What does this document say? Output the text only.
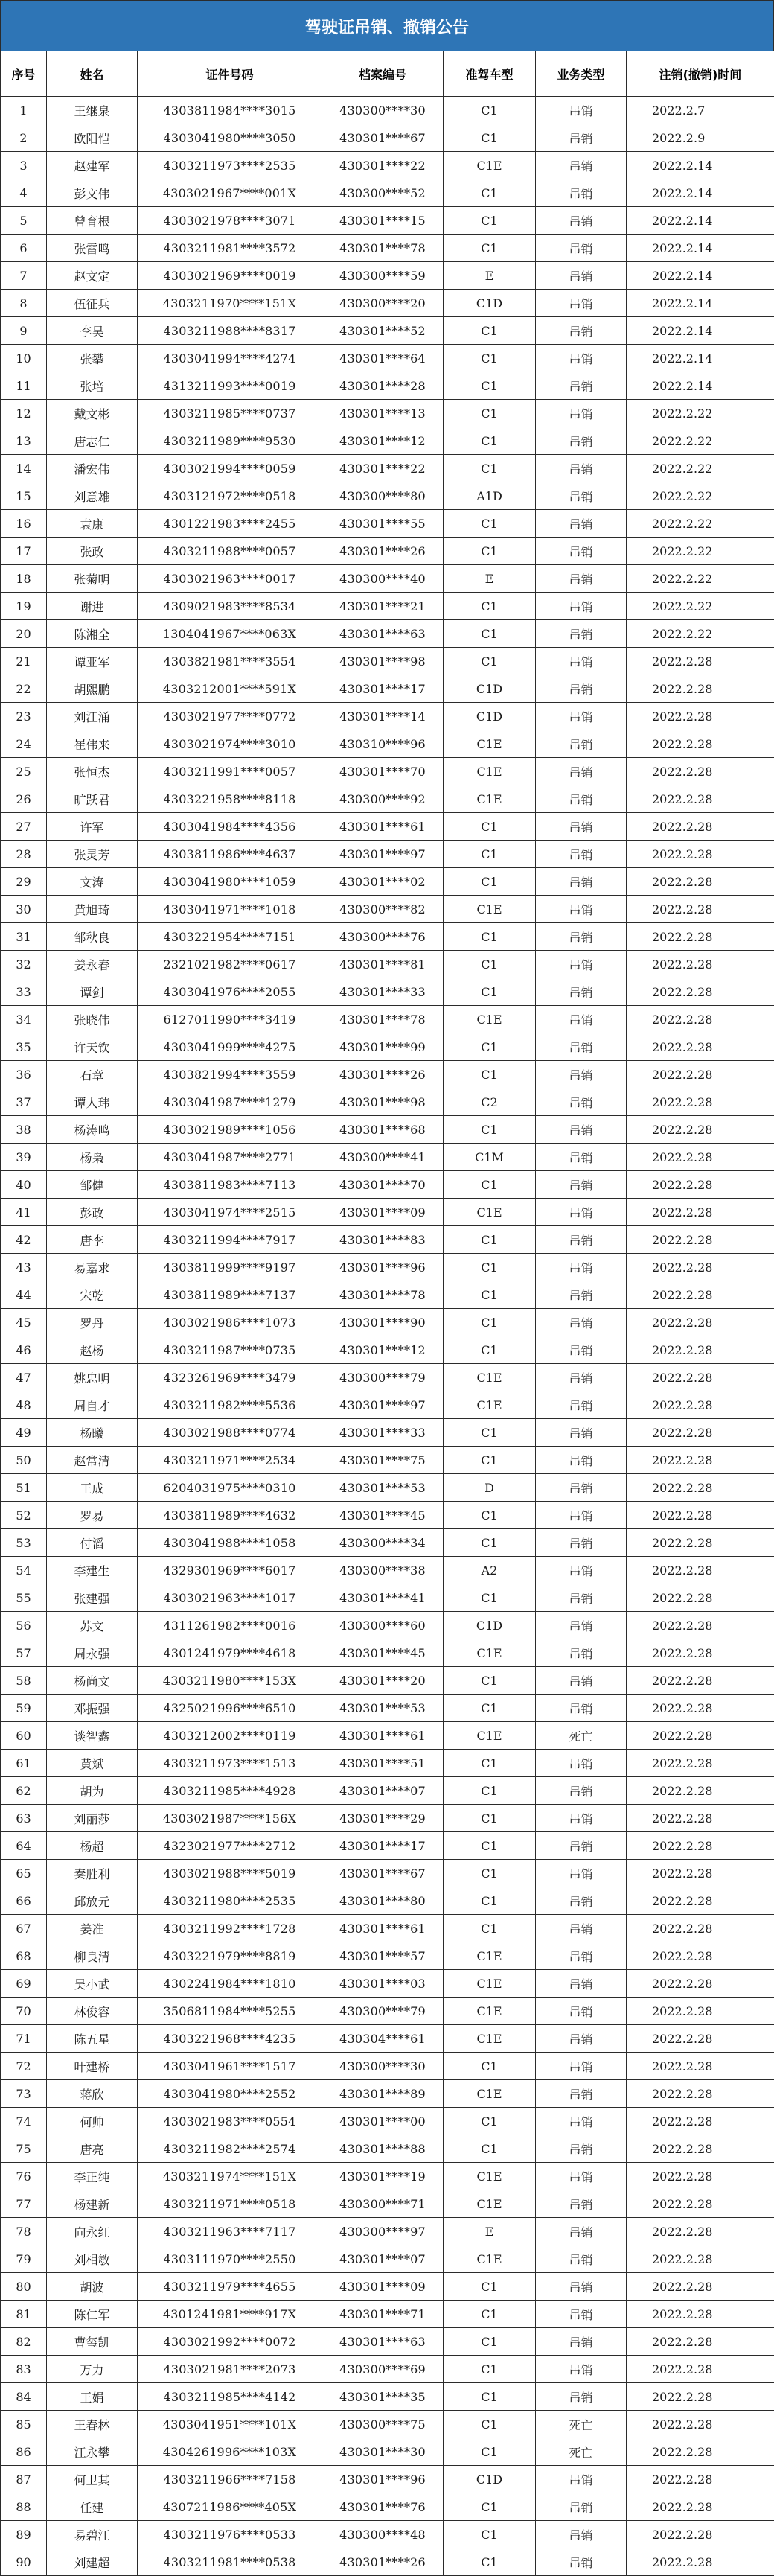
驾驶证吊销、撤销公告
序号	姓名	证件号码	档案编号	准驾车型	业务类型	注销(撤销)时间
1	王继泉	4303811984****3015	430300****30	C1	吊销	2022.2.7
2	欧阳恺	4303041980****3050	430301****67	C1	吊销	2022.2.9
3	赵建军	4303211973****2535	430301****22	C1E	吊销	2022.2.14
4	彭文伟	4303021967****001X	430300****52	C1	吊销	2022.2.14
5	曾育根	4303021978****3071	430301****15	C1	吊销	2022.2.14
6	张雷鸣	4303211981****3572	430301****78	C1	吊销	2022.2.14
7	赵文定	4303021969****0019	430300****59	E	吊销	2022.2.14
8	伍征兵	4303211970****151X	430300****20	C1D	吊销	2022.2.14
9	李昊	4303211988****8317	430301****52	C1	吊销	2022.2.14
10	张攀	4303041994****4274	430301****64	C1	吊销	2022.2.14
11	张培	4313211993****0019	430301****28	C1	吊销	2022.2.14
12	戴文彬	4303211985****0737	430301****13	C1	吊销	2022.2.22
13	唐志仁	4303211989****9530	430301****12	C1	吊销	2022.2.22
14	潘宏伟	4303021994****0059	430301****22	C1	吊销	2022.2.22
15	刘意雄	4303121972****0518	430300****80	A1D	吊销	2022.2.22
16	袁康	4301221983****2455	430301****55	C1	吊销	2022.2.22
17	张政	4303211988****0057	430301****26	C1	吊销	2022.2.22
18	张菊明	4303021963****0017	430300****40	E	吊销	2022.2.22
19	谢进	4309021983****8534	430301****21	C1	吊销	2022.2.22
20	陈湘全	1304041967****063X	430301****63	C1	吊销	2022.2.22
21	谭亚军	4303821981****3554	430301****98	C1	吊销	2022.2.28
22	胡熙鹏	4303212001****591X	430301****17	C1D	吊销	2022.2.28
23	刘江涌	4303021977****0772	430301****14	C1D	吊销	2022.2.28
24	崔伟来	4303021974****3010	430310****96	C1E	吊销	2022.2.28
25	张恒杰	4303211991****0057	430301****70	C1E	吊销	2022.2.28
26	旷跃君	4303221958****8118	430300****92	C1E	吊销	2022.2.28
27	许军	4303041984****4356	430301****61	C1	吊销	2022.2.28
28	张灵芳	4303811986****4637	430301****97	C1	吊销	2022.2.28
29	文涛	4303041980****1059	430301****02	C1	吊销	2022.2.28
30	黄旭琦	4303041971****1018	430300****82	C1E	吊销	2022.2.28
31	邹秋良	4303221954****7151	430300****76	C1	吊销	2022.2.28
32	姜永春	2321021982****0617	430301****81	C1	吊销	2022.2.28
33	谭剑	4303041976****2055	430301****33	C1	吊销	2022.2.28
34	张晓伟	6127011990****3419	430301****78	C1E	吊销	2022.2.28
35	许天钦	4303041999****4275	430301****99	C1	吊销	2022.2.28
36	石章	4303821994****3559	430301****26	C1	吊销	2022.2.28
37	谭人玮	4303041987****1279	430301****98	C2	吊销	2022.2.28
38	杨涛鸣	4303021989****1056	430301****68	C1	吊销	2022.2.28
39	杨枭	4303041987****2771	430300****41	C1M	吊销	2022.2.28
40	邹健	4303811983****7113	430301****70	C1	吊销	2022.2.28
41	彭政	4303041974****2515	430301****09	C1E	吊销	2022.2.28
42	唐李	4303211994****7917	430301****83	C1	吊销	2022.2.28
43	易嘉求	4303811999****9197	430301****96	C1	吊销	2022.2.28
44	宋乾	4303811989****7137	430301****78	C1	吊销	2022.2.28
45	罗丹	4303021986****1073	430301****90	C1	吊销	2022.2.28
46	赵杨	4303211987****0735	430301****12	C1	吊销	2022.2.28
47	姚忠明	4323261969****3479	430300****79	C1E	吊销	2022.2.28
48	周自才	4303211982****5536	430301****97	C1E	吊销	2022.2.28
49	杨曦	4303021988****0774	430301****33	C1	吊销	2022.2.28
50	赵常清	4303211971****2534	430301****75	C1	吊销	2022.2.28
51	王成	6204031975****0310	430301****53	D	吊销	2022.2.28
52	罗易	4303811989****4632	430301****45	C1	吊销	2022.2.28
53	付滔	4303041988****1058	430300****34	C1	吊销	2022.2.28
54	李建生	4329301969****6017	430300****38	A2	吊销	2022.2.28
55	张建强	4303021963****1017	430301****41	C1	吊销	2022.2.28
56	苏文	4311261982****0016	430300****60	C1D	吊销	2022.2.28
57	周永强	4301241979****4618	430301****45	C1E	吊销	2022.2.28
58	杨尚文	4303211980****153X	430301****20	C1	吊销	2022.2.28
59	邓振强	4325021996****6510	430301****53	C1	吊销	2022.2.28
60	谈智鑫	4303212002****0119	430301****61	C1E	死亡	2022.2.28
61	黄斌	4303211973****1513	430301****51	C1	吊销	2022.2.28
62	胡为	4303211985****4928	430301****07	C1	吊销	2022.2.28
63	刘丽莎	4303021987****156X	430301****29	C1	吊销	2022.2.28
64	杨超	4323021977****2712	430301****17	C1	吊销	2022.2.28
65	秦胜利	4303021988****5019	430301****67	C1	吊销	2022.2.28
66	邱放元	4303211980****2535	430301****80	C1	吊销	2022.2.28
67	姜准	4303211992****1728	430301****61	C1	吊销	2022.2.28
68	柳良清	4303221979****8819	430301****57	C1E	吊销	2022.2.28
69	吴小武	4302241984****1810	430301****03	C1E	吊销	2022.2.28
70	林俊容	3506811984****5255	430300****79	C1E	吊销	2022.2.28
71	陈五星	4303221968****4235	430304****61	C1E	吊销	2022.2.28
72	叶建桥	4303041961****1517	430300****30	C1	吊销	2022.2.28
73	蒋欣	4303041980****2552	430301****89	C1E	吊销	2022.2.28
74	何帅	4303021983****0554	430301****00	C1	吊销	2022.2.28
75	唐亮	4303211982****2574	430301****88	C1	吊销	2022.2.28
76	李正纯	4303211974****151X	430301****19	C1E	吊销	2022.2.28
77	杨建新	4303211971****0518	430300****71	C1E	吊销	2022.2.28
78	向永红	4303211963****7117	430300****97	E	吊销	2022.2.28
79	刘相敏	4303111970****2550	430301****07	C1E	吊销	2022.2.28
80	胡波	4303211979****4655	430301****09	C1	吊销	2022.2.28
81	陈仁军	4301241981****917X	430301****71	C1	吊销	2022.2.28
82	曹玺凯	4303021992****0072	430301****63	C1	吊销	2022.2.28
83	万力	4303021981****2073	430300****69	C1	吊销	2022.2.28
84	王娟	4303211985****4142	430301****35	C1	吊销	2022.2.28
85	王春林	4303041951****101X	430300****75	C1	死亡	2022.2.28
86	江永攀	4304261996****103X	430301****30	C1	死亡	2022.2.28
87	何卫其	4303211966****7158	430301****96	C1D	吊销	2022.2.28
88	任建	4307211986****405X	430301****76	C1	吊销	2022.2.28
89	易碧江	4303211976****0533	430300****48	C1	吊销	2022.2.28
90	刘建超	4303211981****0538	430301****26	C1	吊销	2022.2.28
